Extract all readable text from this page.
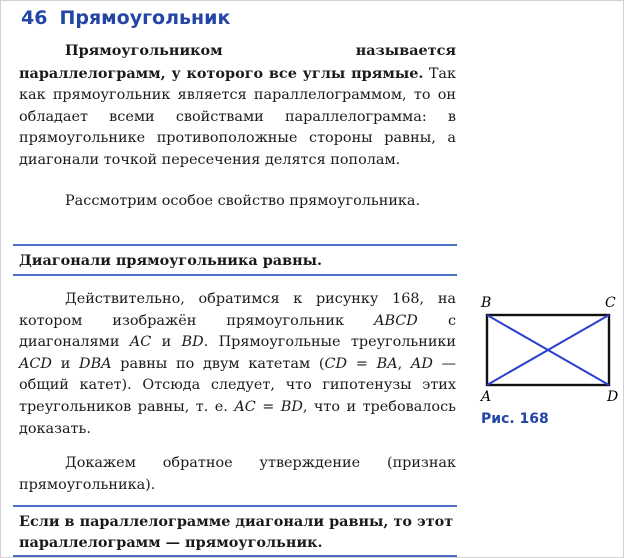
46 Прямоугольник

Прямоугольником называется параллелограмм, у которого все углы прямые. Так как прямоугольник является параллелограммом, то он обладает всеми свойствами параллелограмма: в прямоугольнике противоположные стороны равны, а диагонали точкой пересечения делятся пополам.

Рассмотрим особое свойство прямоугольника.

Диагонали прямоугольника равны.

Действительно, обратимся к рисунку 168, на котором изображён прямоугольник ABCD с диагоналями AC и BD. Прямоугольные треугольники ACD и DBA равны по двум катетам (CD = BA, AD — общий катет). Отсюда следует, что гипотенузы этих треугольников равны, т. е. AC = BD, что и требовалось доказать.

Докажем обратное утверждение (признак прямоугольника).

Если в параллелограмме диагонали равны, то этот параллелограмм — прямоугольник.
B	C
A	D
Рис. 168
